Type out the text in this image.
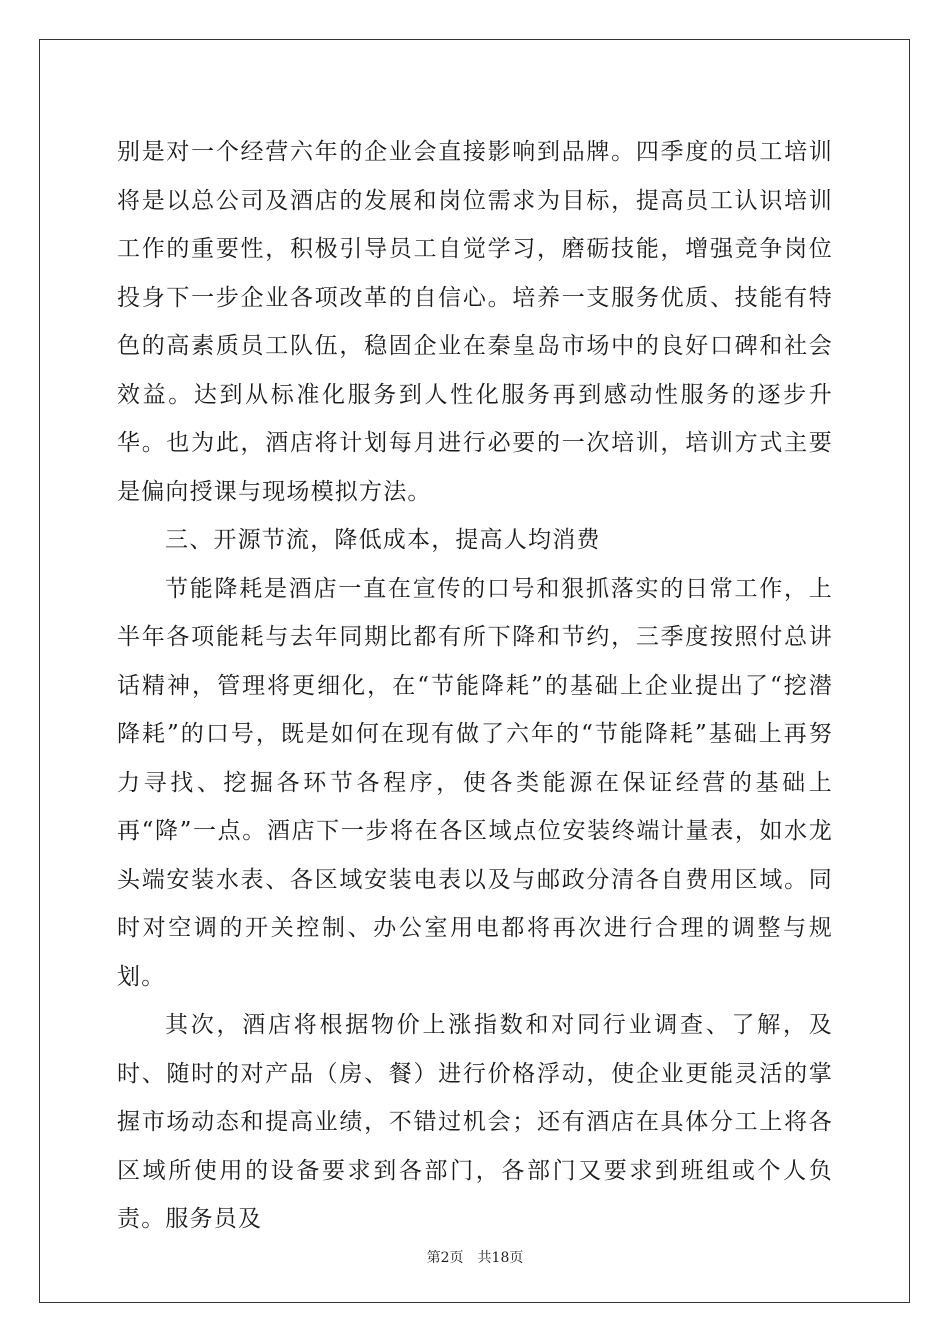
别是对一个经营六年的企业会直接影响到品牌。四季度的员工培训将是以总公司及酒店的发展和岗位需求为目标，提高员工认识培训工作的重要性，积极引导员工自觉学习，磨砺技能，增强竞争岗位投身下一步企业各项改革的自信心。培养一支服务优质、技能有特色的高素质员工队伍，稳固企业在秦皇岛市场中的良好口碑和社会效益。达到从标准化服务到人性化服务再到感动性服务的逐步升华。也为此，酒店将计划每月进行必要的一次培训，培训方式主要是偏向授课与现场模拟方法。

三、开源节流，降低成本，提高人均消费

节能降耗是酒店一直在宣传的口号和狠抓落实的日常工作，上半年各项能耗与去年同期比都有所下降和节约，三季度按照付总讲话精神，管理将更细化，在“节能降耗”的基础上企业提出了“挖潜降耗”的口号，既是如何在现有做了六年的“节能降耗”基础上再努力寻找、挖掘各环节各程序，使各类能源在保证经营的基础上再“降”一点。酒店下一步将在各区域点位安装终端计量表，如水龙头端安装水表、各区域安装电表以及与邮政分清各自费用区域。同时对空调的开关控制、办公室用电都将再次进行合理的调整与规划。

其次，酒店将根据物价上涨指数和对同行业调查、了解，及时、随时的对产品（房、餐）进行价格浮动，使企业更能灵活的掌握市场动态和提高业绩，不错过机会；还有酒店在具体分工上将各区域所使用的设备要求到各部门，各部门又要求到班组或个人负责。服务员及

第2页 共18页
